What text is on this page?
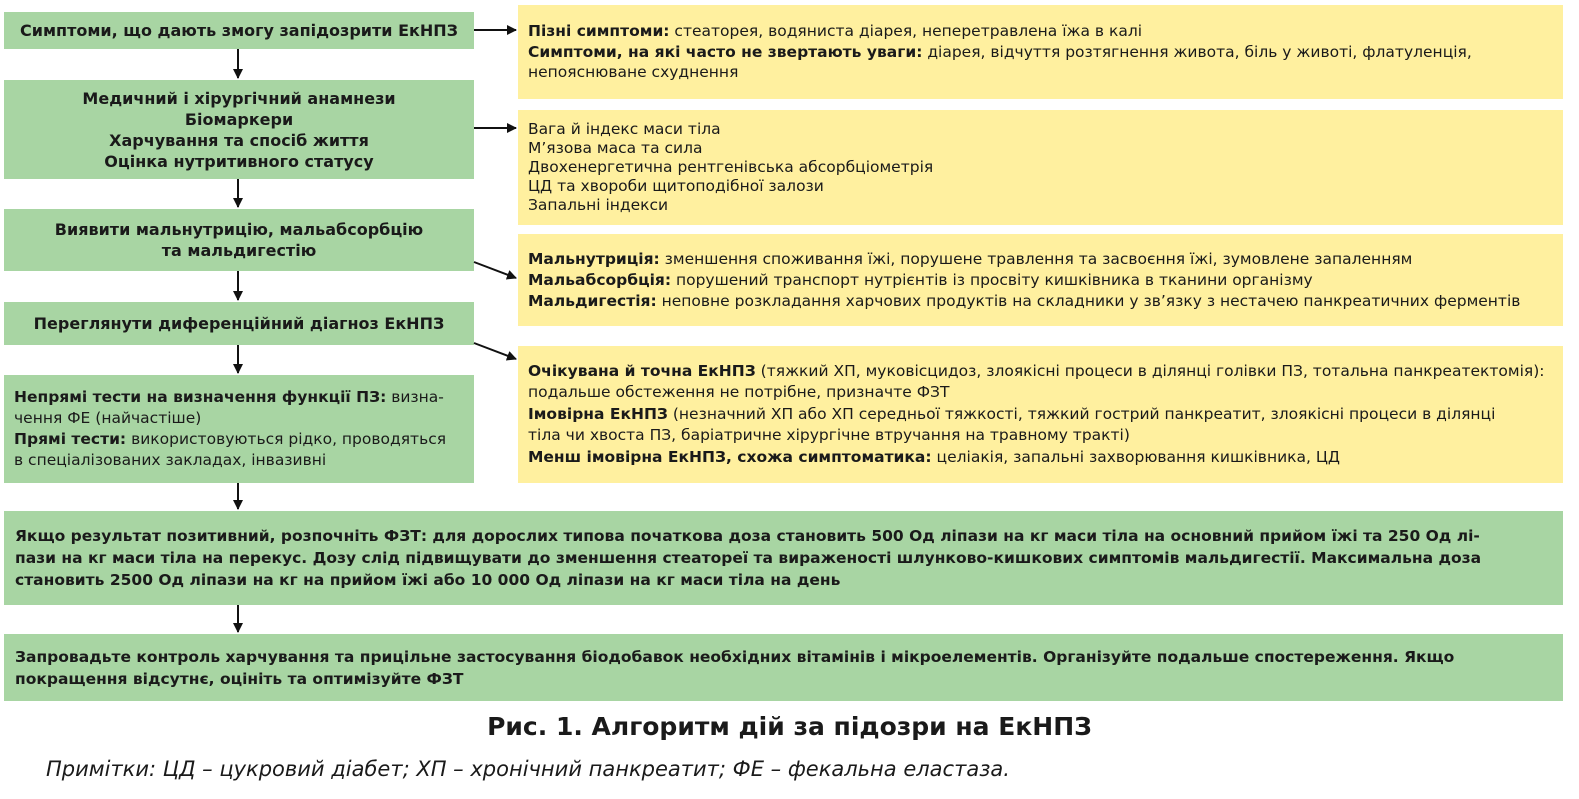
Симптоми, що дають змогу запідозрити ЕкНПЗ
Медичний і хірургічний анамнези
Біомаркери
Харчування та спосіб життя
Оцінка нутритивного статусу
Виявити мальнутрицію, мальабсорбцію
та мальдигестію
Переглянути диференційний діагноз ЕкНПЗ
Непрямі тести на визначення функції ПЗ: визна-
чення ФЕ (найчастіше)
Прямі тести: використовуються рідко, проводяться
в спеціалізованих закладах, інвазивні
Пізні симптоми: стеаторея, водяниста діарея, неперетравлена їжа в калі
Симптоми, на які часто не звертають уваги: діарея, відчуття розтягнення живота, біль у животі, флатуленція,
непояснюване схуднення
Вага й індекс маси тіла
М’язова маса та сила
Двохенергетична рентгенівська абсорбціометрія
ЦД та хвороби щитоподібної залози
Запальні індекси
Мальнутриція: зменшення споживання їжі, порушене травлення та засвоєння їжі, зумовлене запаленням
Мальабсорбція: порушений транспорт нутрієнтів із просвіту кишківника в тканини організму
Мальдигестія: неповне розкладання харчових продуктів на складники у зв’язку з нестачею панкреатичних ферментів
Очікувана й точна ЕкНПЗ (тяжкий ХП, муковісцидоз, злоякісні процеси в ділянці голівки ПЗ, тотальна панкреатектомія):
подальше обстеження не потрібне, призначте ФЗТ
Імовірна ЕкНПЗ (незначний ХП або ХП середньої тяжкості, тяжкий гострий панкреатит, злоякісні процеси в ділянці
тіла чи хвоста ПЗ, баріатричне хірургічне втручання на травному тракті)
Менш імовірна ЕкНПЗ, схожа симптоматика: целіакія, запальні захворювання кишківника, ЦД
Якщо результат позитивний, розпочніть ФЗТ: для дорослих типова початкова доза становить 500 Од ліпази на кг маси тіла на основний прийом їжі та 250 Од лі-
пази на кг маси тіла на перекус. Дозу слід підвищувати до зменшення стеатореї та вираженості шлунково-кишкових симптомів мальдигестії. Максимальна доза
становить 2500 Од ліпази на кг на прийом їжі або 10 000 Од ліпази на кг маси тіла на день
Запровадьте контроль харчування та прицільне застосування біодобавок необхідних вітамінів і мікроелементів. Організуйте подальше спостереження. Якщо
покращення відсутнє, оцініть та оптимізуйте ФЗТ
Рис. 1. Алгоритм дій за підозри на ЕкНПЗ
Примітки: ЦД – цукровий діабет; ХП – хронічний панкреатит; ФЕ – фекальна еластаза.
